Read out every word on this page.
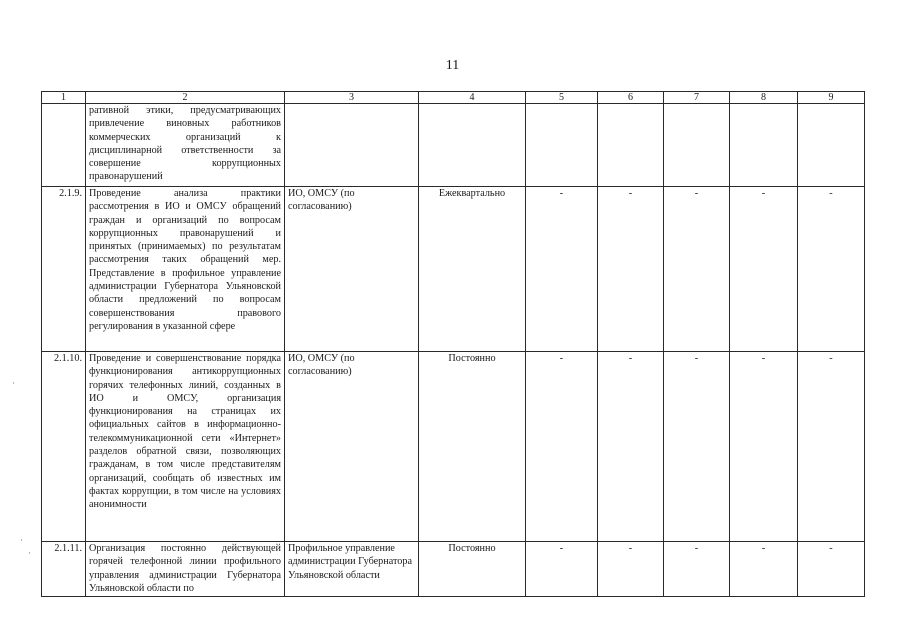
11
1	2	3	4	5	6	7	8	9
	ративной этики, предусматривающих привлечение виновных работников коммерческих организаций к дисциплинарной ответственности за совершение коррупционных правонарушений							
2.1.9.	Проведение анализа практики рассмотрения в ИО и ОМСУ обращений граждан и организаций по вопросам коррупционных правонарушений и принятых (принимаемых) по результатам рассмотрения таких обращений мер. Представление в профильное управление администрации Губернатора Ульяновской области предложений по вопросам совершенствования правового регулирования в указанной сфере	ИО, ОМСУ (по согласованию)	Ежеквартально	-	-	-	-	-
2.1.10.	Проведение и совершенствование порядка функционирования антикоррупционных горячих телефонных линий, созданных в ИО и ОМСУ, организация функционирования на страницах их официальных сайтов в информационно-телекоммуникационной сети «Интернет» разделов обратной связи, позволяющих гражданам, в том числе представителям организаций, сообщать об известных им фактах коррупции, в том числе на условиях анонимности	ИО, ОМСУ (по согласованию)	Постоянно	-	-	-	-	-
2.1.11.	Организация постоянно действующей горячей телефонной линии профильного управления администрации Губернатора Ульяновской области по	Профильное управление администрации Губернатора Ульяновской области	Постоянно	-	-	-	-	-
·
·
·
